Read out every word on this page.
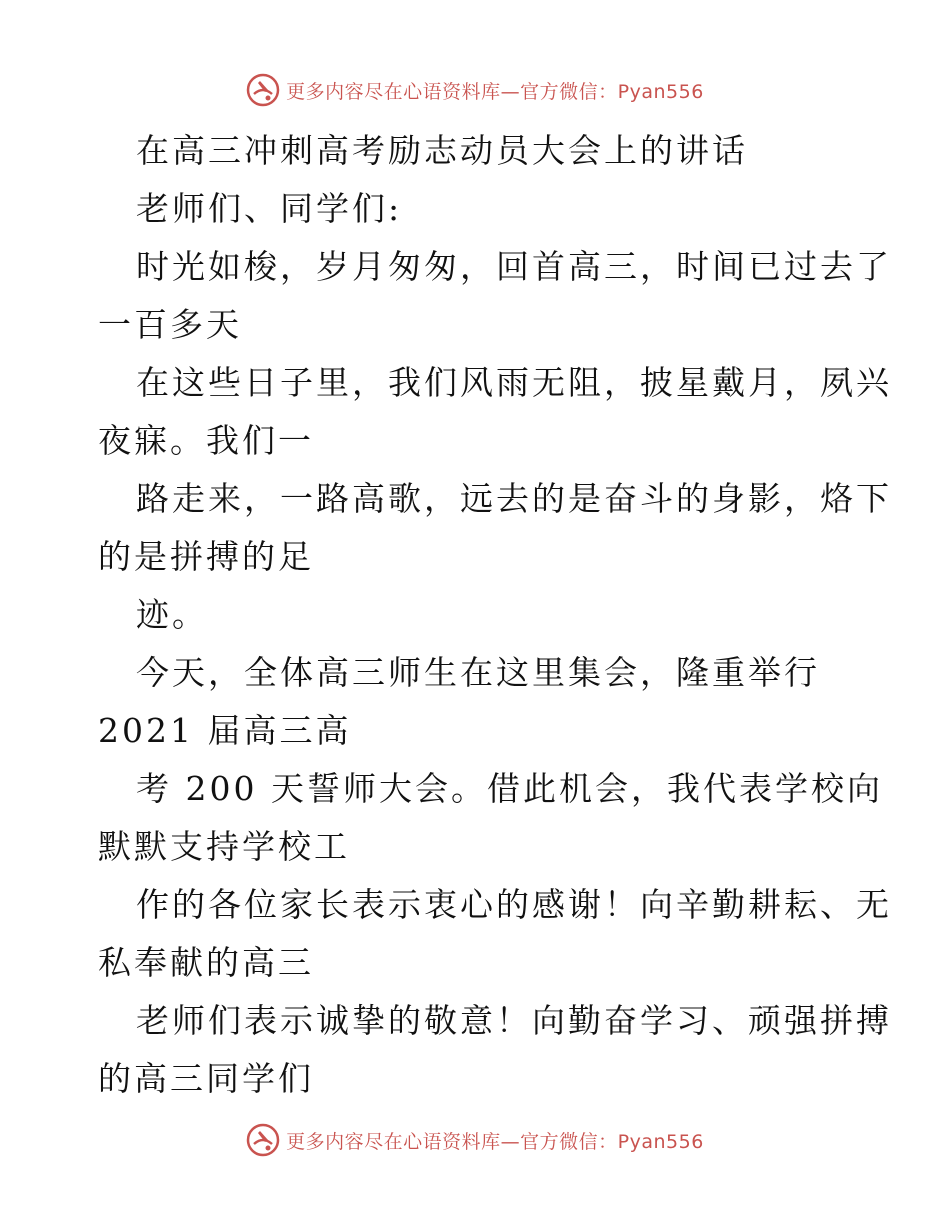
更多内容尽在心语资料库—官方微信：Pyan556
在高三冲刺高考励志动员大会上的讲话
老师们、同学们:
时光如梭，岁月匆匆，回首高三，时间已过去了
一百多天
在这些日子里，我们风雨无阻，披星戴月，夙兴
夜寐。我们一
路走来，一路高歌，远去的是奋斗的身影，烙下
的是拼搏的足
迹。
今天，全体高三师生在这里集会，隆重举行
2021 届高三高
考 200 天誓师大会。借此机会，我代表学校向
默默支持学校工
作的各位家长表示衷心的感谢！向辛勤耕耘、无
私奉献的高三
老师们表示诚挚的敬意！向勤奋学习、顽强拼搏
的高三同学们
更多内容尽在心语资料库—官方微信：Pyan556
